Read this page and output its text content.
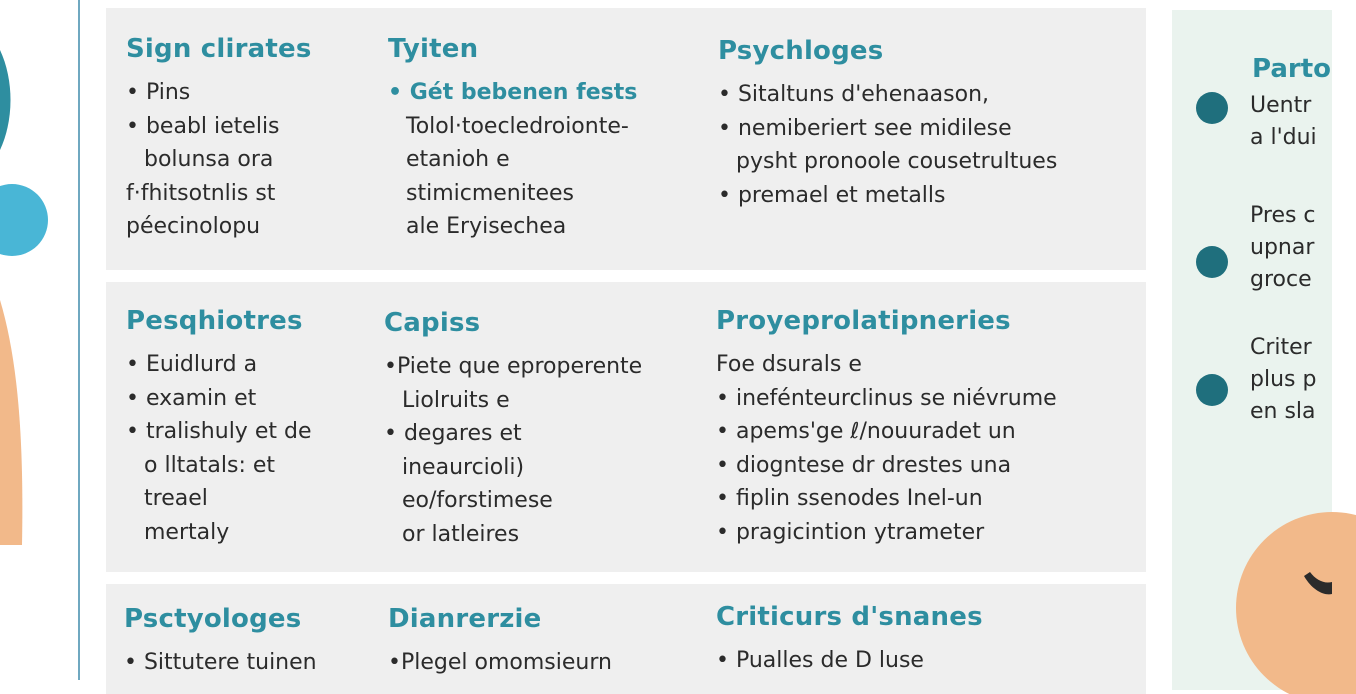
Sign clirates
• Pins
• beabl ietelis
bolunsa ora
f·fhitsotnlis st
péecinolopu
Tyiten
• Gét bebenen fests
Tolol·toecledroionte-
etanioh e
stimicmenitees
ale Eryisechea
Psychloges
• Sitaltuns d'ehenaason,
• nemiberiert see midilese
pysht pronoole cousetrultues
• premael et metalls
Pesqhiotres
• Euidlurd a
• examin et
• tralishuly et de
o lltatals: et
treael
mertaly
Capiss
•Piete que eproperente
Liolruits e
• degares et
ineaurcioli)
eo/forstimese
or latleires
Proyeprolatipneries
Foe dsurals e
• inefénteurclinus se niévrume
• apems'ge ℓ/nouuradet un
• diogntese dr drestes una
• fiplin ssenodes Inel-un
• pragicintion ytrameter
Psctyologes
• Sittutere tuinen
Dianrerzie
•Plegel omomsieurn
Criticurs d'snanes
• Pualles de D luse
Parto
Uentr
a l'dui
Pres c
upnar
groce
Criter
plus p
en sla
